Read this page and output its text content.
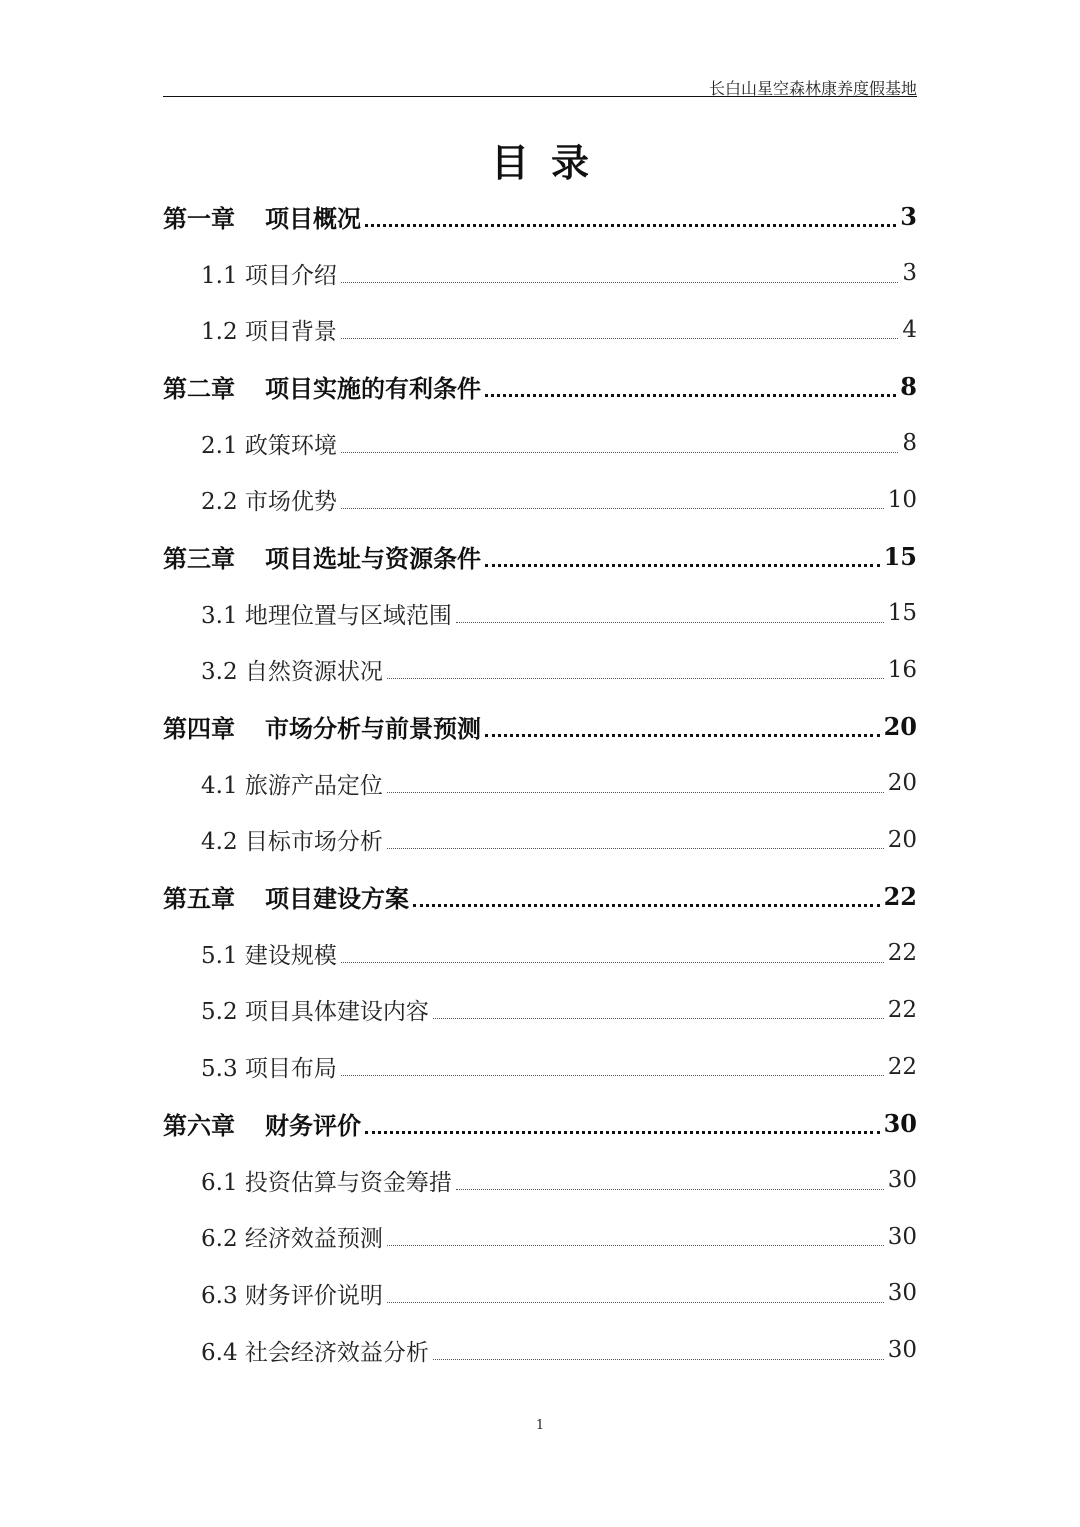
长白山星空森林康养度假基地
目录
第一章 项目概况	3
1.1 项目介绍	3
1.2 项目背景	4
第二章 项目实施的有利条件	8
2.1 政策环境	8
2.2 市场优势	10
第三章 项目选址与资源条件	15
3.1 地理位置与区域范围	15
3.2 自然资源状况	16
第四章 市场分析与前景预测	20
4.1 旅游产品定位	20
4.2 目标市场分析	20
第五章 项目建设方案	22
5.1 建设规模	22
5.2 项目具体建设内容	22
5.3 项目布局	22
第六章 财务评价	30
6.1 投资估算与资金筹措	30
6.2 经济效益预测	30
6.3 财务评价说明	30
6.4 社会经济效益分析	30
1
